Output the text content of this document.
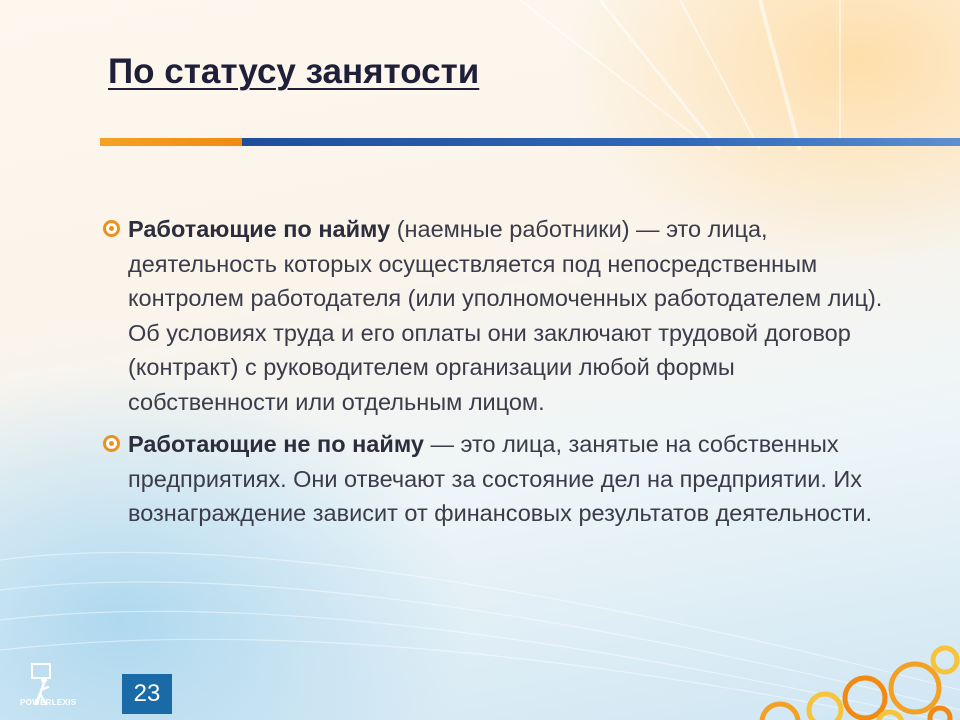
По статусу занятости
Работающие по найму (наемные работники) — это лица, деятельность которых осуществляется под непосредственным контролем работодателя (или уполномоченных работодателем лиц). Об условиях труда и его оплаты они заключают трудовой договор (контракт) с руководителем организации любой формы собственности или отдельным лицом.
Работающие не по найму — это лица, занятые на собственных предприятиях. Они отвечают за состояние дел на предприятии. Их вознаграждение зависит от финансовых результатов деятельности.
POWERLEXIS	23
